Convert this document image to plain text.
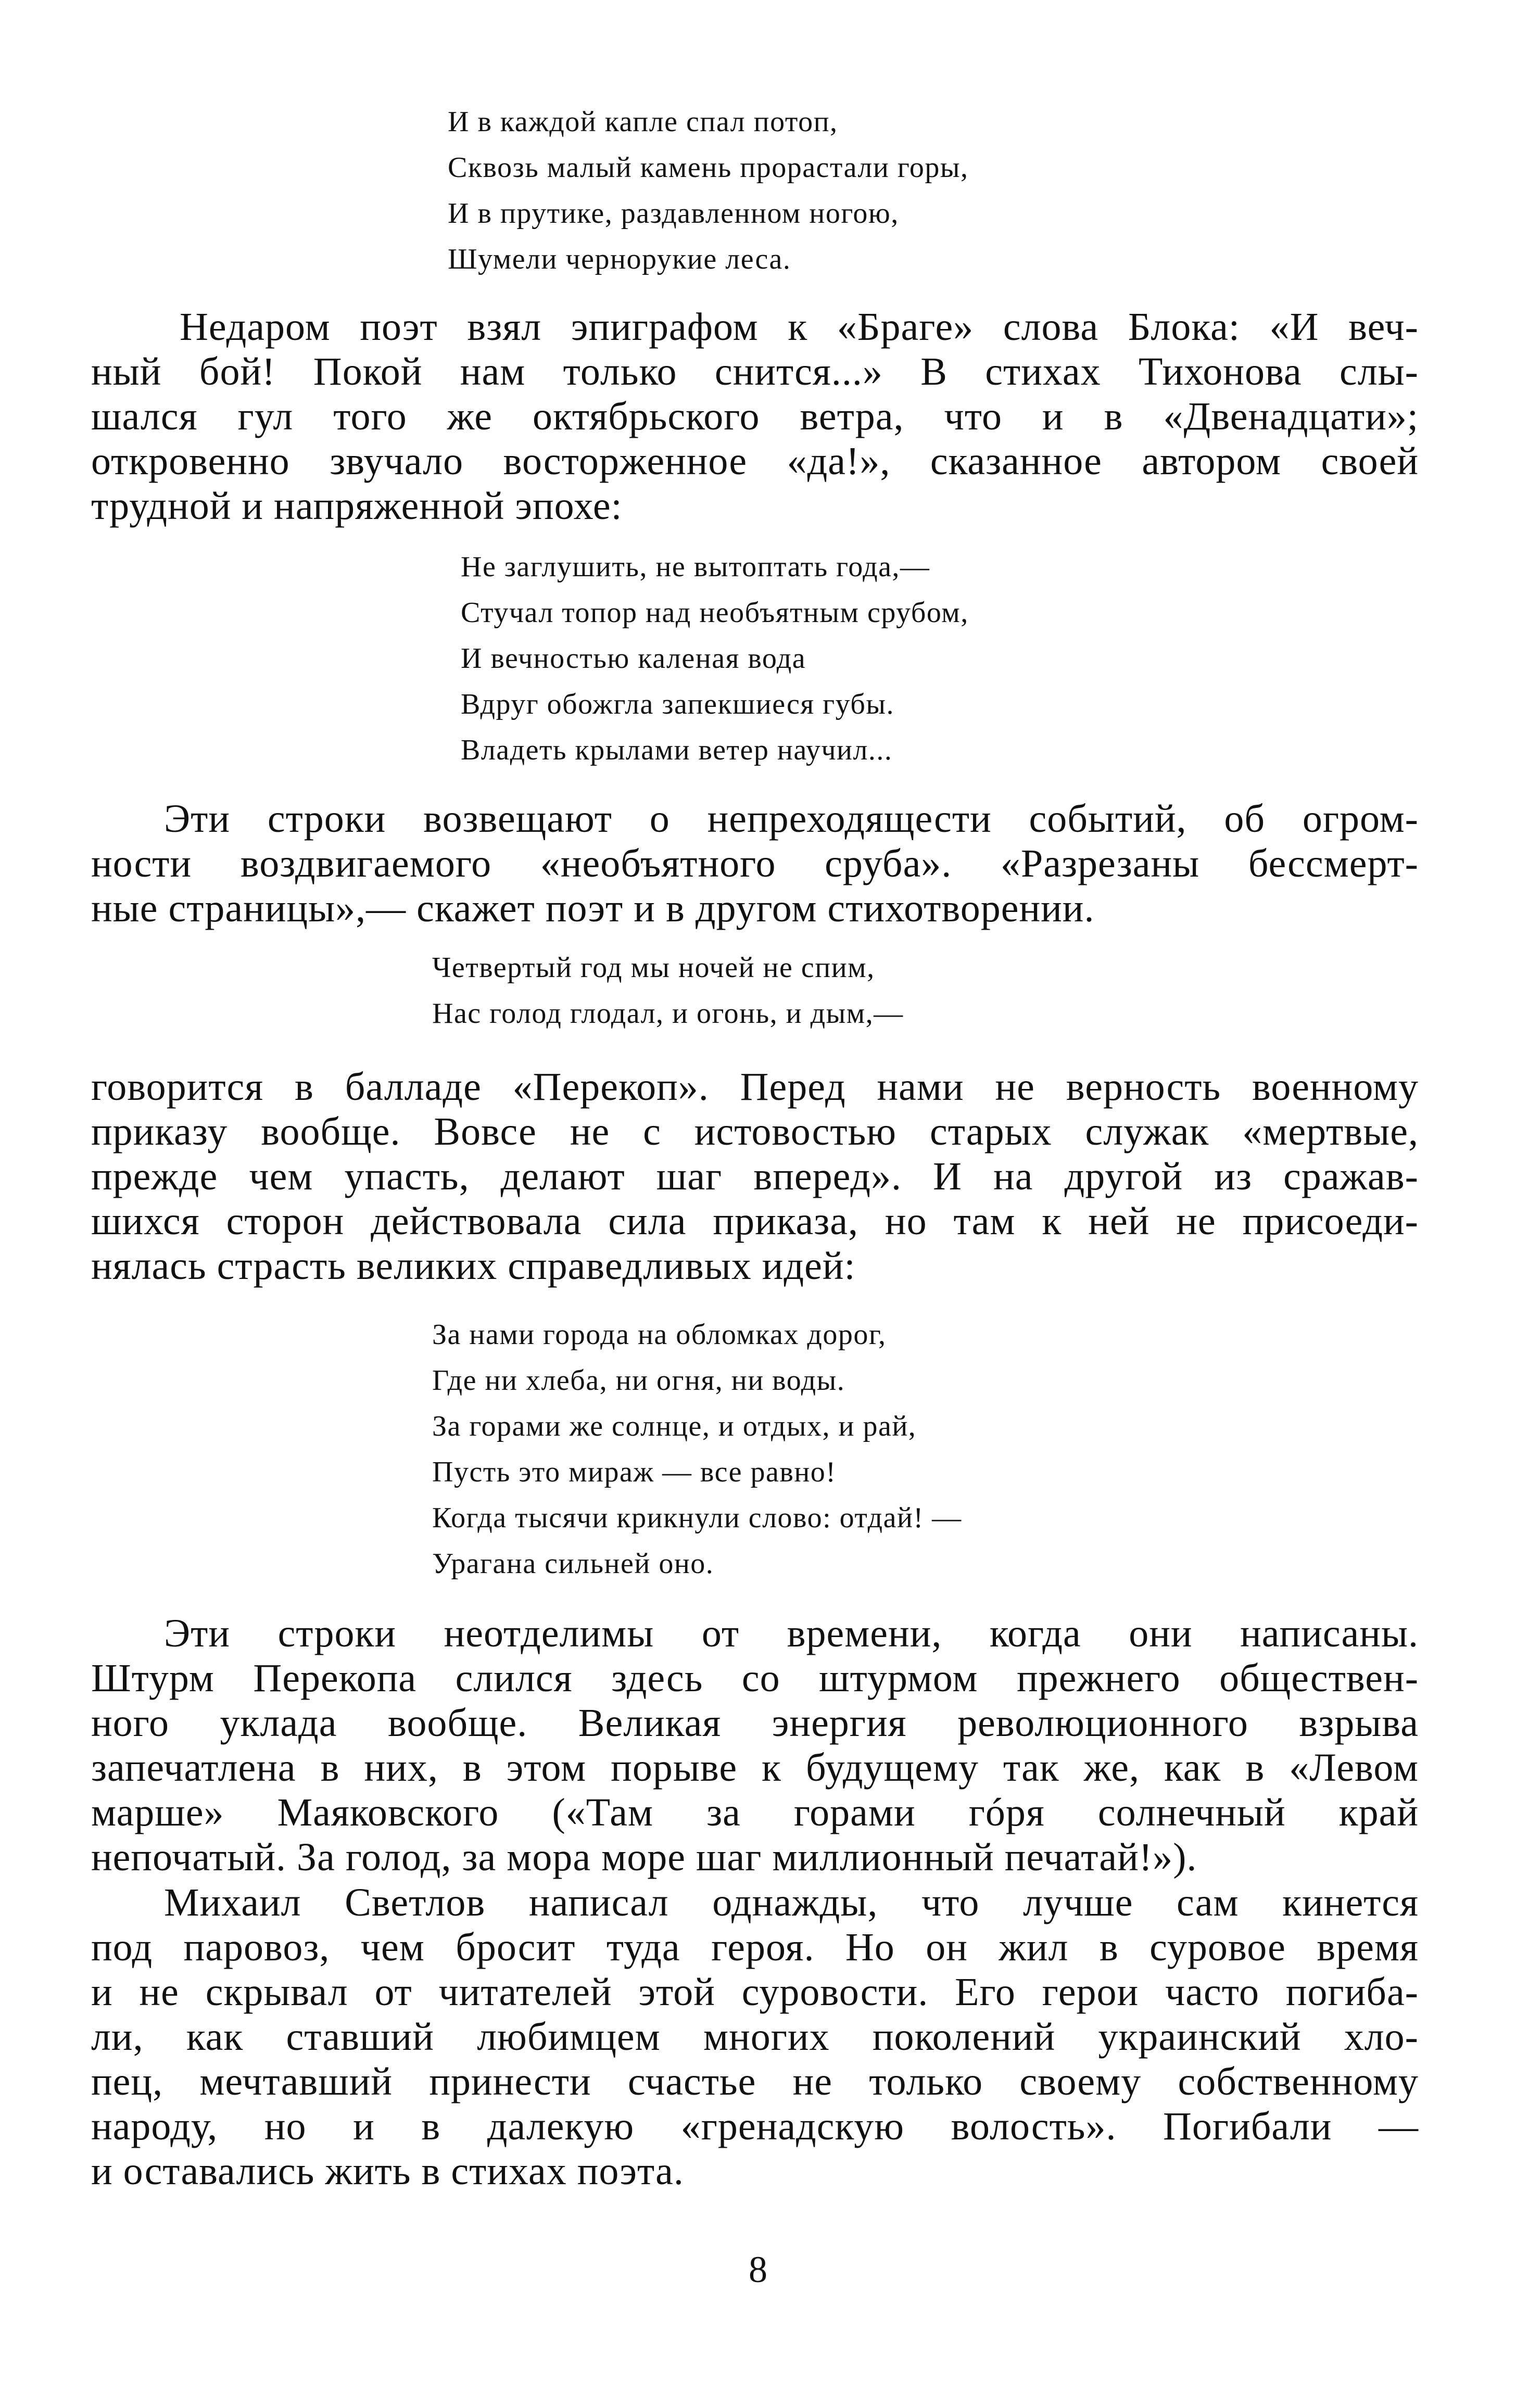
И в каждой капле спал потоп,
Сквозь малый камень прорастали горы,
И в прутике, раздавленном ногою,
Шумели чернорукие леса.
Недаром поэт взял эпиграфом к «Браге» слова Блока: «И веч-
ный бой! Покой нам только снится...» В стихах Тихонова слы-
шался гул того же октябрьского ветра, что и в «Двенадцати»;
откровенно звучало восторженное «да!», сказанное автором своей
трудной и напряженной эпохе:
Не заглушить, не вытоптать года,—
Стучал топор над необъятным срубом,
И вечностью каленая вода
Вдруг обожгла запекшиеся губы.
Владеть крылами ветер научил...
Эти строки возвещают о непреходящести событий, об огром-
ности воздвигаемого «необъятного сруба». «Разрезаны бессмерт-
ные страницы»,— скажет поэт и в другом стихотворении.
Четвертый год мы ночей не спим,
Нас голод глодал, и огонь, и дым,—
говорится в балладе «Перекоп». Перед нами не верность военному
приказу вообще. Вовсе не с истовостью старых служак «мертвые,
прежде чем упасть, делают шаг вперед». И на другой из сражав-
шихся сторон действовала сила приказа, но там к ней не присоеди-
нялась страсть великих справедливых идей:
За нами города на обломках дорог,
Где ни хлеба, ни огня, ни воды.
За горами же солнце, и отдых, и рай,
Пусть это мираж — все равно!
Когда тысячи крикнули слово: отдай! —
Урагана сильней оно.
Эти строки неотделимы от времени, когда они написаны.
Штурм Перекопа слился здесь со штурмом прежнего обществен-
ного уклада вообще. Великая энергия революционного взрыва
запечатлена в них, в этом порыве к будущему так же, как в «Левом
марше» Маяковского («Там за горами гóря солнечный край
непочатый. За голод, за мора море шаг миллионный печатай!»).
Михаил Светлов написал однажды, что лучше сам кинется
под паровоз, чем бросит туда героя. Но он жил в суровое время
и не скрывал от читателей этой суровости. Его герои часто погиба-
ли, как ставший любимцем многих поколений украинский хло-
пец, мечтавший принести счастье не только своему собственному
народу, но и в далекую «гренадскую волость». Погибали —
и оставались жить в стихах поэта.
8
